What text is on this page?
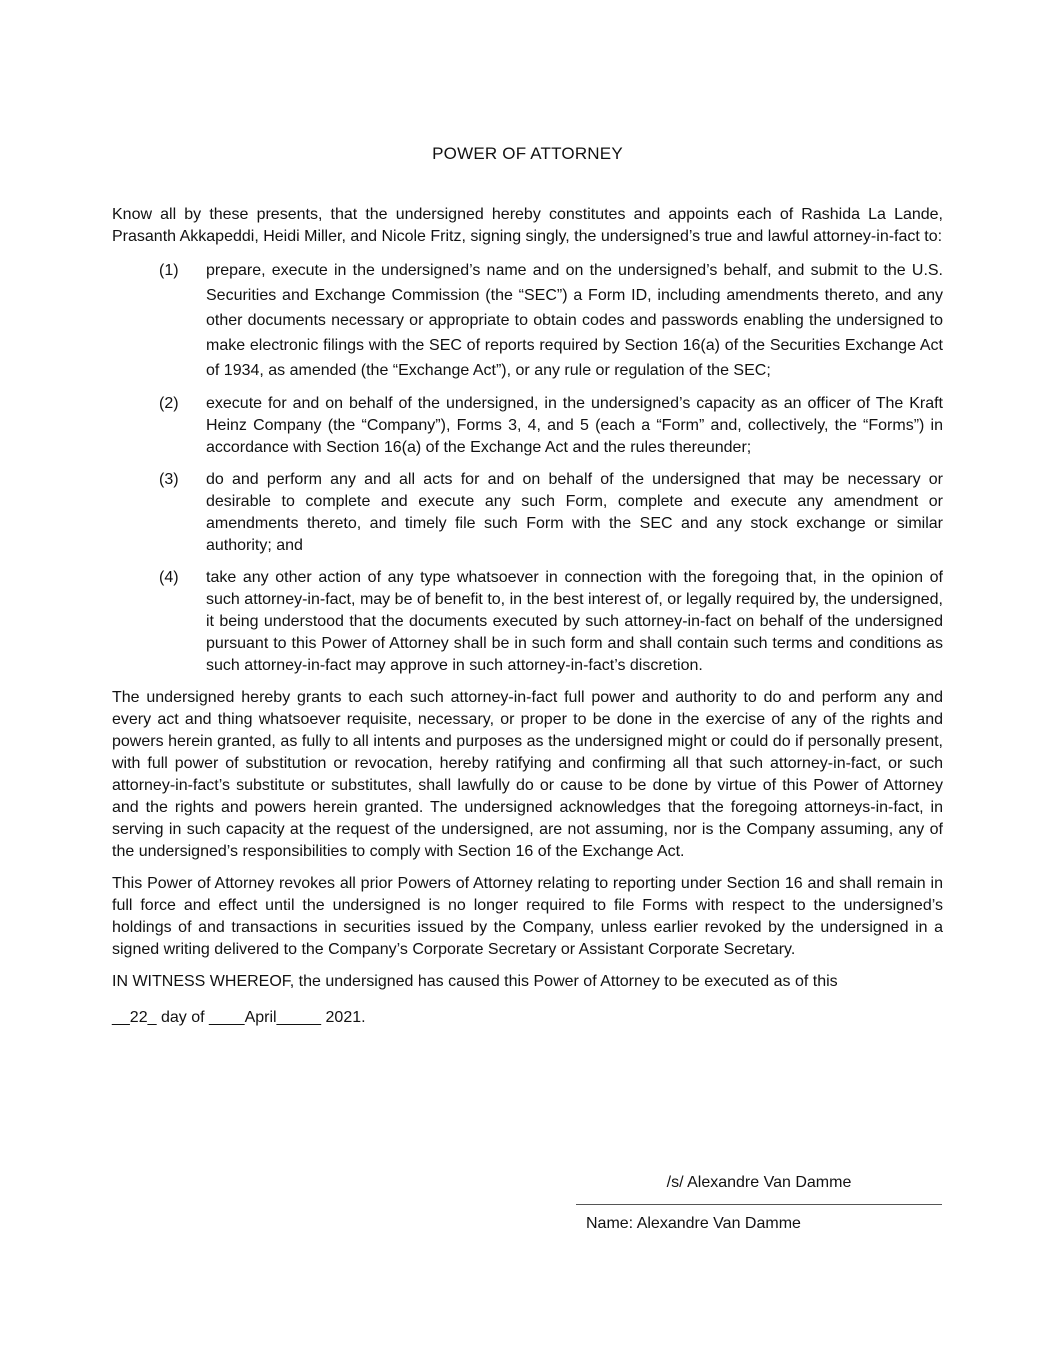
POWER OF ATTORNEY

Know all by these presents, that the undersigned hereby constitutes and appoints each of Rashida La Lande, Prasanth Akkapeddi, Heidi Miller, and Nicole Fritz, signing singly, the undersigned’s true and lawful attorney-in-fact to:

(1)	prepare, execute in the undersigned’s name and on the undersigned’s behalf, and submit to the U.S. Securities and Exchange Commission (the “SEC”) a Form ID, including amendments thereto, and any other documents necessary or appropriate to obtain codes and passwords enabling the undersigned to make electronic filings with the SEC of reports required by Section 16(a) of the Securities Exchange Act of 1934, as amended (the “Exchange Act”), or any rule or regulation of the SEC;
(2)	execute for and on behalf of the undersigned, in the undersigned’s capacity as an officer of The Kraft Heinz Company (the “Company”), Forms 3, 4, and 5 (each a “Form” and, collectively, the “Forms”) in accordance with Section 16(a) of the Exchange Act and the rules thereunder;
(3)	do and perform any and all acts for and on behalf of the undersigned that may be necessary or desirable to complete and execute any such Form, complete and execute any amendment or amendments thereto, and timely file such Form with the SEC and any stock exchange or similar authority; and
(4)	take any other action of any type whatsoever in connection with the foregoing that, in the opinion of such attorney-in-fact, may be of benefit to, in the best interest of, or legally required by, the undersigned, it being understood that the documents executed by such attorney-in-fact on behalf of the undersigned pursuant to this Power of Attorney shall be in such form and shall contain such terms and conditions as such attorney-in-fact may approve in such attorney-in-fact’s discretion.

The undersigned hereby grants to each such attorney-in-fact full power and authority to do and perform any and every act and thing whatsoever requisite, necessary, or proper to be done in the exercise of any of the rights and powers herein granted, as fully to all intents and purposes as the undersigned might or could do if personally present, with full power of substitution or revocation, hereby ratifying and confirming all that such attorney-in-fact, or such attorney-in-fact’s substitute or substitutes, shall lawfully do or cause to be done by virtue of this Power of Attorney and the rights and powers herein granted. The undersigned acknowledges that the foregoing attorneys-in-fact, in serving in such capacity at the request of the undersigned, are not assuming, nor is the Company assuming, any of the undersigned’s responsibilities to comply with Section 16 of the Exchange Act.

This Power of Attorney revokes all prior Powers of Attorney relating to reporting under Section 16 and shall remain in full force and effect until the undersigned is no longer required to file Forms with respect to the undersigned’s holdings of and transactions in securities issued by the Company, unless earlier revoked by the undersigned in a signed writing delivered to the Company’s Corporate Secretary or Assistant Corporate Secretary.

IN WITNESS WHEREOF, the undersigned has caused this Power of Attorney to be executed as of this

__22_ day of ____April_____ 2021.

/s/ Alexandre Van Damme
Name: Alexandre Van Damme
